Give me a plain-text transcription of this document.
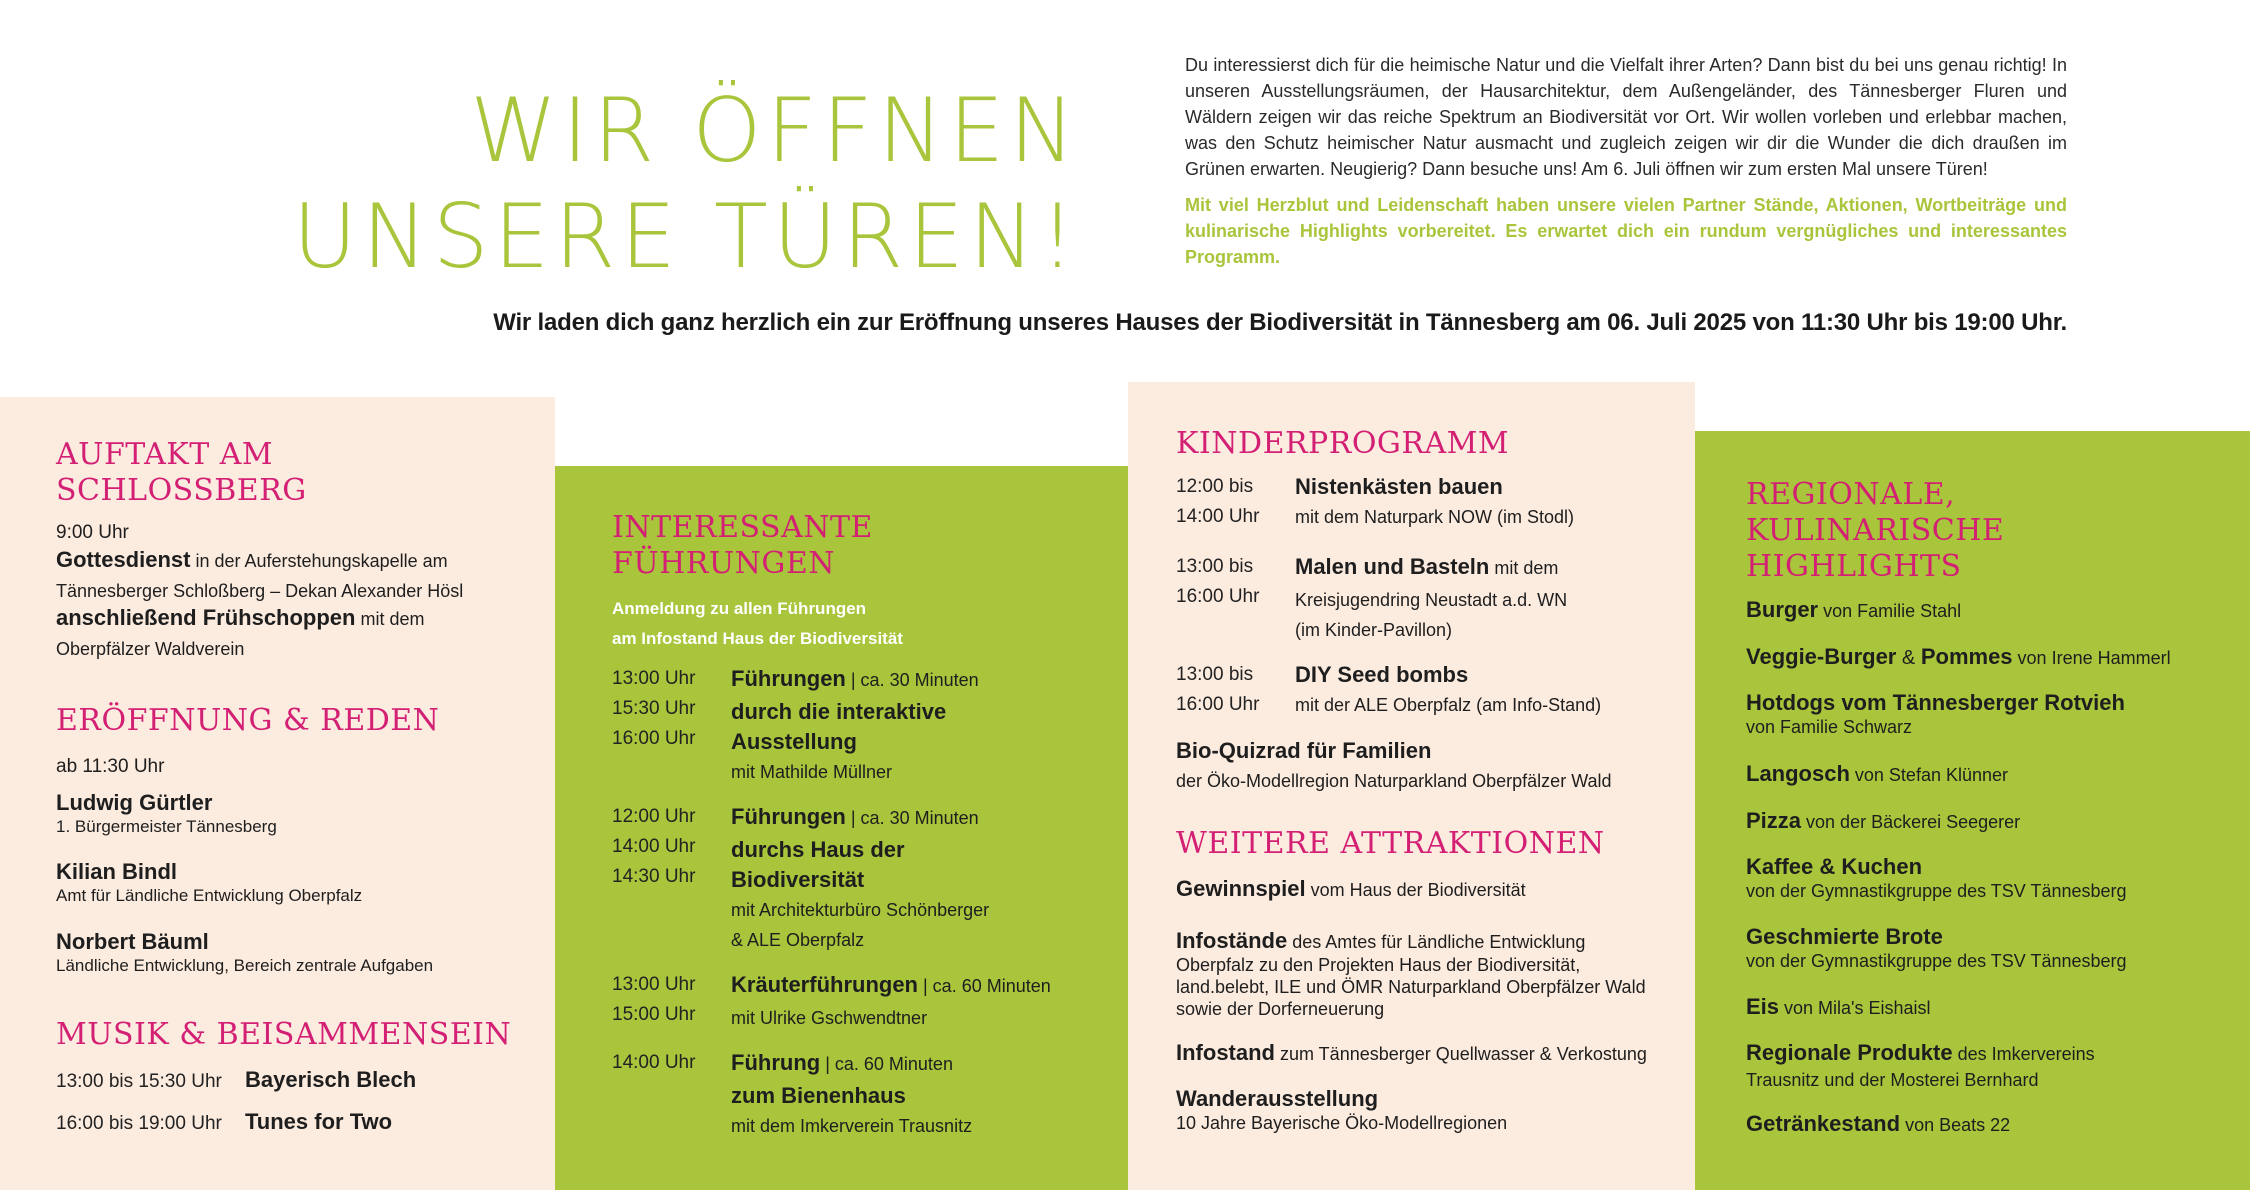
WIR ÖFFNEN
UNSERE TÜREN!
Du interessierst dich für die heimische Natur und die Vielfalt ihrer Arten? Dann bist du bei uns genau richtig! In unseren Ausstellungsräumen, der Hausarchitektur, dem Außengeländer, des Tännesberger Fluren und Wäldern zeigen wir das reiche Spektrum an Biodiversität vor Ort. Wir wollen vorleben und erlebbar machen, was den Schutz heimischer Natur ausmacht und zugleich zeigen wir dir die Wunder die dich draußen im Grünen erwarten. Neugierig? Dann besuche uns! Am 6. Juli öffnen wir zum ersten Mal unsere Türen!
Mit viel Herzblut und Leidenschaft haben unsere vielen Partner Stände, Aktionen, Wortbeiträge und kulinarische Highlights vorbereitet. Es erwartet dich ein rundum vergnügliches und interessantes Programm.
Wir laden dich ganz herzlich ein zur Eröffnung unseres Hauses der Biodiversität in Tännesberg am 06. Juli 2025 von 11:30 Uhr bis 19:00 Uhr.
AUFTAKT AM
SCHLOSSBERG
9:00 Uhr
Gottesdienst in der Auferstehungskapelle am
Tännesberger Schloßberg – Dekan Alexander Hösl
anschließend Frühschoppen mit dem
Oberpfälzer Waldverein
ERÖFFNUNG & REDEN
ab 11:30 Uhr
Ludwig Gürtler
1. Bürgermeister Tännesberg
Kilian Bindl
Amt für Ländliche Entwicklung Oberpfalz
Norbert Bäuml
Ländliche Entwicklung, Bereich zentrale Aufgaben
MUSIK & BEISAMMENSEIN
13:00 bis 15:30 Uhr Bayerisch Blech
16:00 bis 19:00 Uhr Tunes for Two
INTERESSANTE
FÜHRUNGEN
Anmeldung zu allen Führungen
am Infostand Haus der Biodiversität
13:00 Uhr
15:30 Uhr
16:00 Uhr
Führungen | ca. 30 Minuten
durch die interaktive
Ausstellung
mit Mathilde Müllner
12:00 Uhr
14:00 Uhr
14:30 Uhr
Führungen | ca. 30 Minuten
durchs Haus der
Biodiversität
mit Architekturbüro Schönberger
& ALE Oberpfalz
13:00 Uhr
15:00 Uhr
Kräuterführungen | ca. 60 Minuten
mit Ulrike Gschwendtner
14:00 Uhr Führung | ca. 60 Minuten
zum Bienenhaus
mit dem Imkerverein Trausnitz
KINDERPROGRAMM
12:00 bis
14:00 Uhr
Nistenkästen bauen
mit dem Naturpark NOW (im Stodl)
13:00 bis
16:00 Uhr
Malen und Basteln mit dem
Kreisjugendring Neustadt a.d. WN
(im Kinder-Pavillon)
13:00 bis
16:00 Uhr
DIY Seed bombs
mit der ALE Oberpfalz (am Info-Stand)
Bio-Quizrad für Familien
der Öko-Modellregion Naturparkland Oberpfälzer Wald
WEITERE ATTRAKTIONEN
Gewinnspiel vom Haus der Biodiversität
Infostände des Amtes für Ländliche Entwicklung
Oberpfalz zu den Projekten Haus der Biodiversität,
land.belebt, ILE und ÖMR Naturparkland Oberpfälzer Wald
sowie der Dorferneuerung
Infostand zum Tännesberger Quellwasser & Verkostung
Wanderausstellung
10 Jahre Bayerische Öko-Modellregionen
REGIONALE,
KULINARISCHE
HIGHLIGHTS
Burger von Familie Stahl
Veggie-Burger & Pommes von Irene Hammerl
Hotdogs vom Tännesberger Rotvieh
von Familie Schwarz
Langosch von Stefan Klünner
Pizza von der Bäckerei Seegerer
Kaffee & Kuchen
von der Gymnastikgruppe des TSV Tännesberg
Geschmierte Brote
von der Gymnastikgruppe des TSV Tännesberg
Eis von Mila's Eishaisl
Regionale Produkte des Imkervereins
Trausnitz und der Mosterei Bernhard
Getränkestand von Beats 22
